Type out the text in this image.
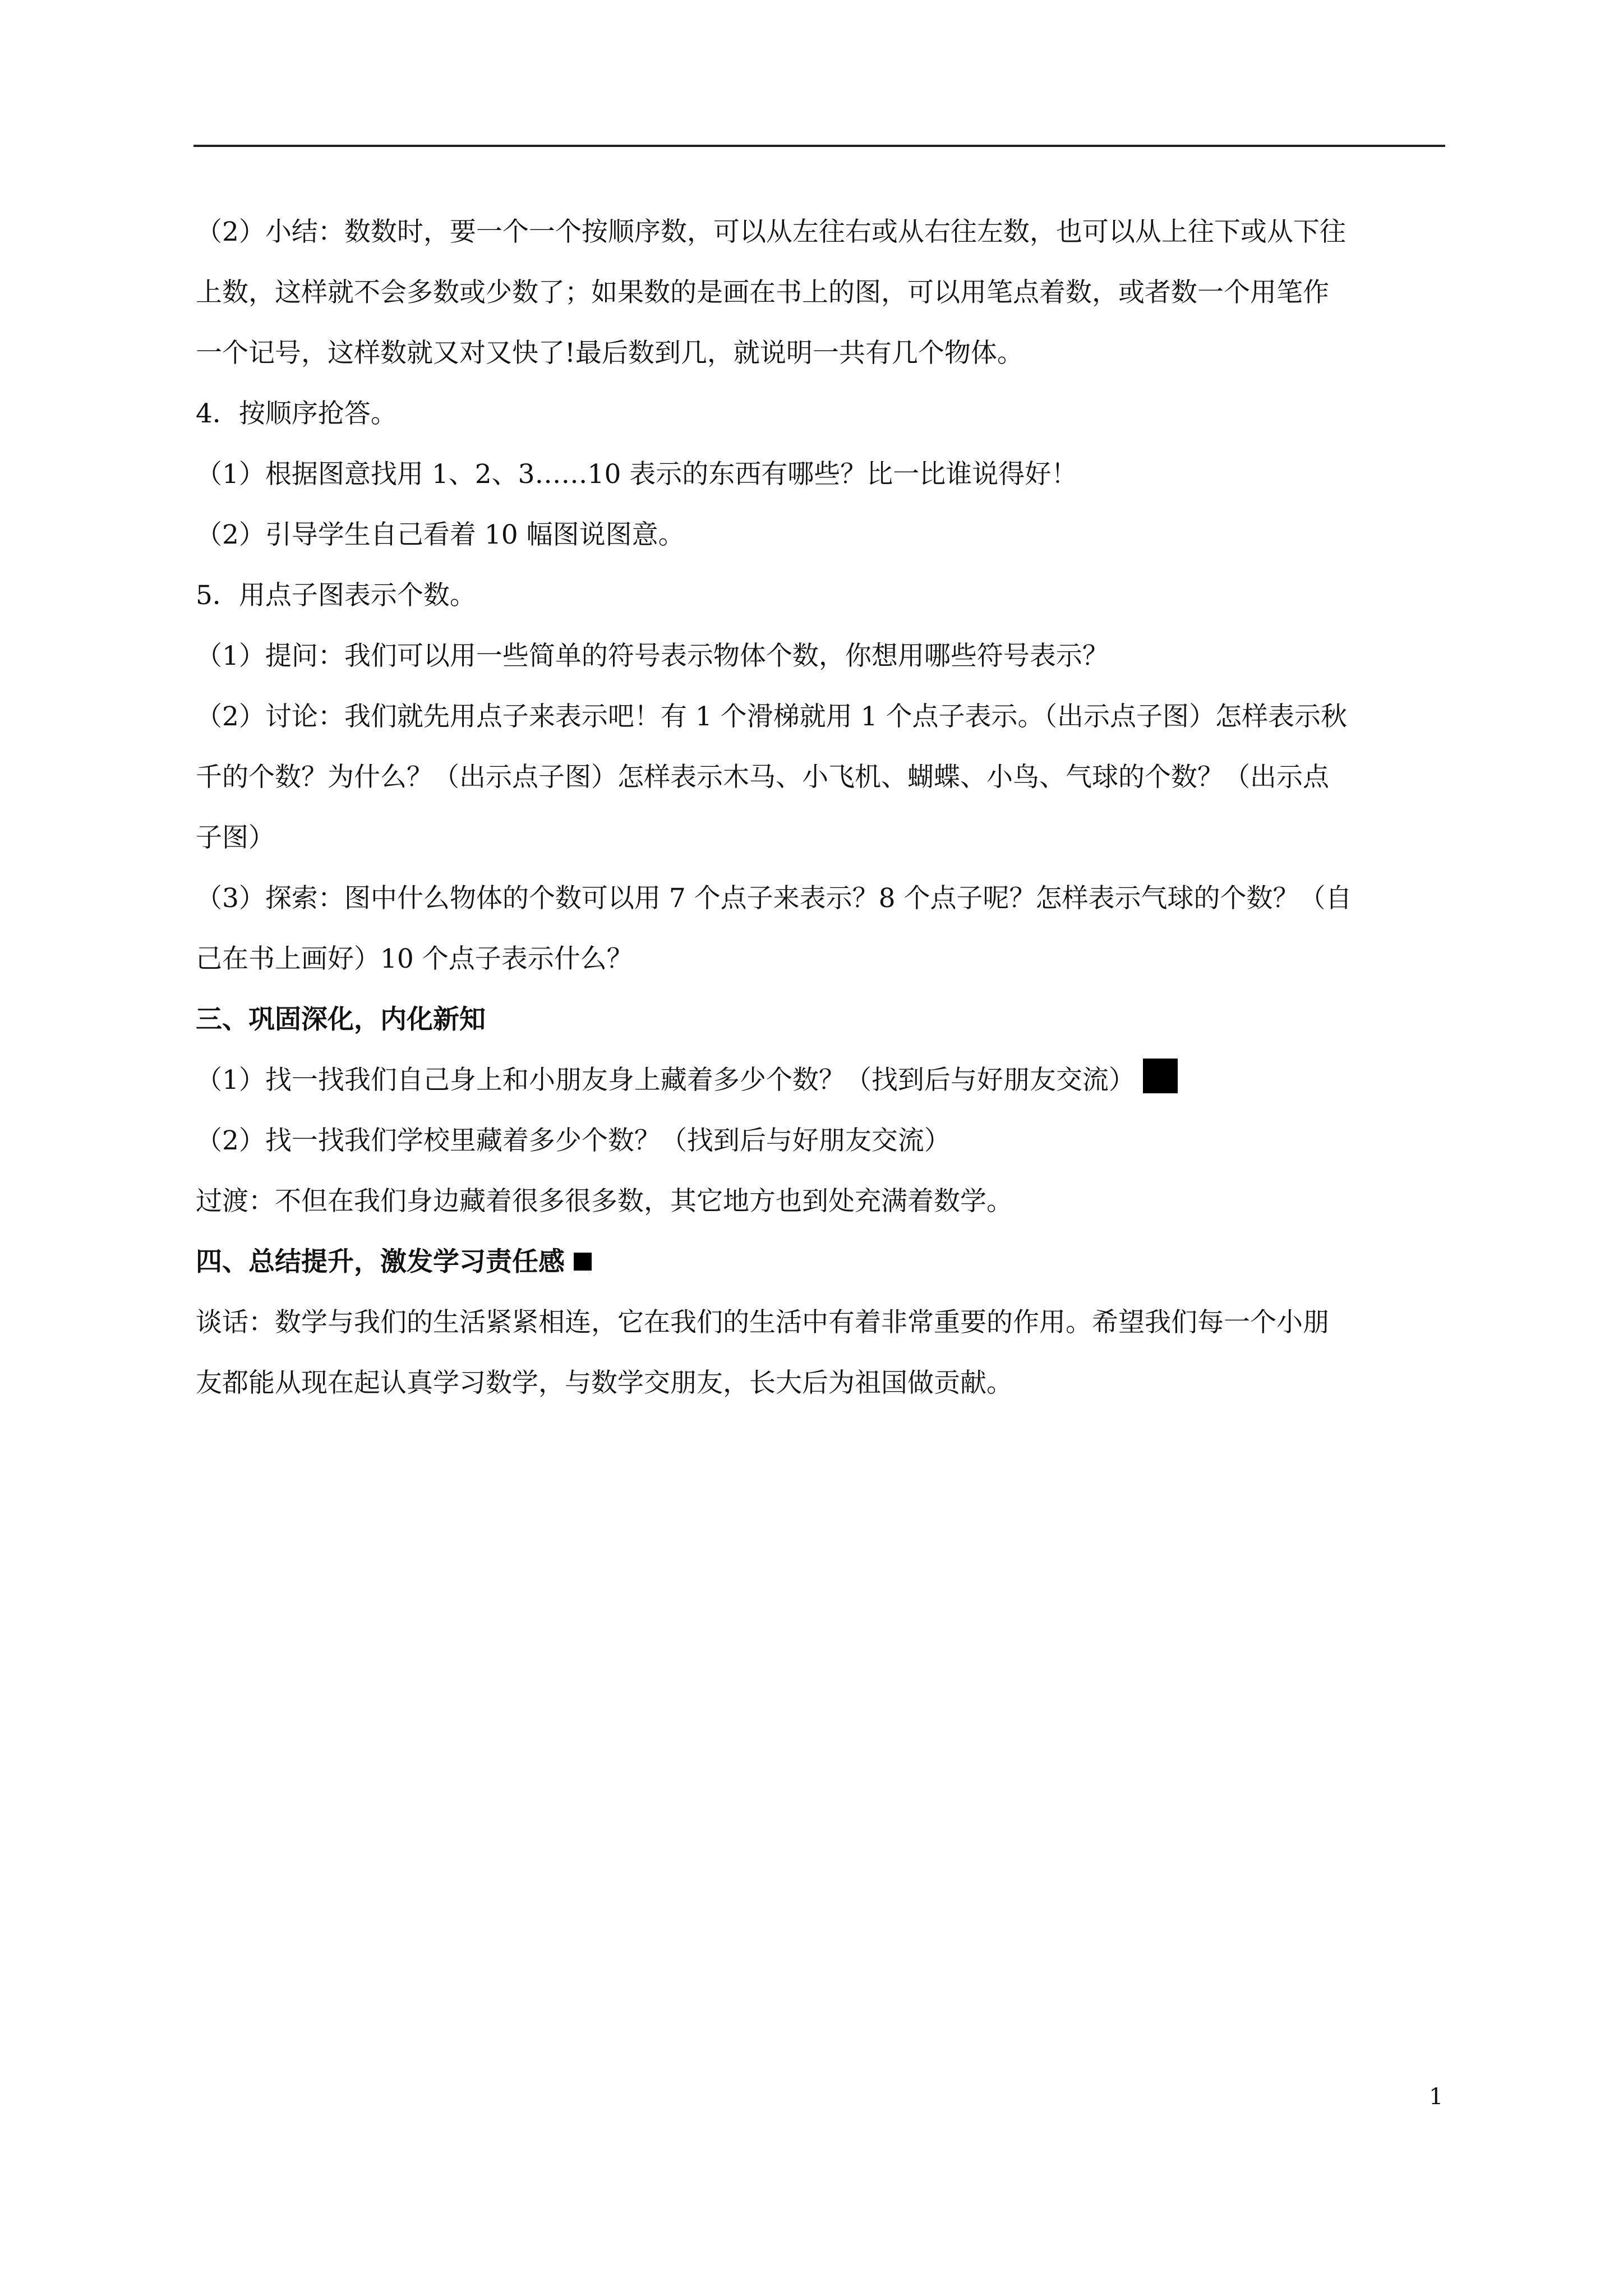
（2）小结：数数时，要一个一个按顺序数，可以从左往右或从右往左数，也可以从上往下或从下往
上数，这样就不会多数或少数了；如果数的是画在书上的图，可以用笔点着数，或者数一个用笔作
一个记号，这样数就又对又快了!最后数到几，就说明一共有几个物体。
4．按顺序抢答。
（1）根据图意找用 1、2、3……10 表示的东西有哪些？比一比谁说得好！
（2）引导学生自己看着 10 幅图说图意。
5．用点子图表示个数。
（1）提问：我们可以用一些简单的符号表示物体个数，你想用哪些符号表示？
（2）讨论：我们就先用点子来表示吧！有 1 个滑梯就用 1 个点子表示。（出示点子图）怎样表示秋
千的个数？为什么？（出示点子图）怎样表示木马、小飞机、蝴蝶、小鸟、气球的个数？（出示点
子图）
（3）探索：图中什么物体的个数可以用 7 个点子来表示？8 个点子呢？怎样表示气球的个数？（自
己在书上画好）10 个点子表示什么？
三、巩固深化，内化新知
（1）找一找我们自己身上和小朋友身上藏着多少个数？（找到后与好朋友交流）
（2）找一找我们学校里藏着多少个数？（找到后与好朋友交流）
过渡：不但在我们身边藏着很多很多数，其它地方也到处充满着数学。
四、总结提升，激发学习责任感
谈话：数学与我们的生活紧紧相连，它在我们的生活中有着非常重要的作用。希望我们每一个小朋
友都能从现在起认真学习数学，与数学交朋友，长大后为祖国做贡献。
1
